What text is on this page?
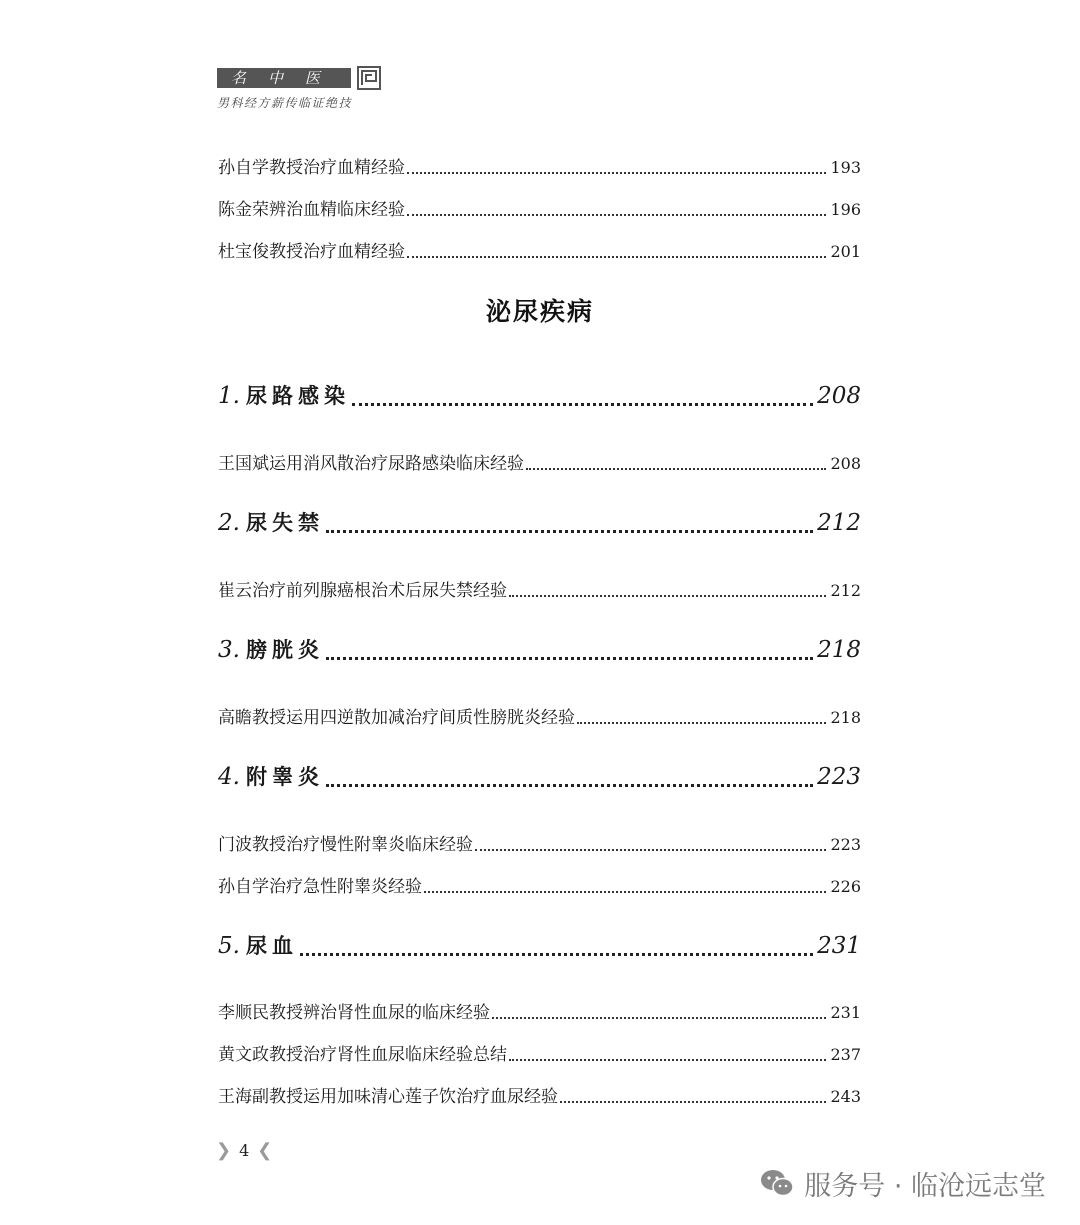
名中医
男科经方薪传临证绝技
孙自学教授治疗血精经验	193
陈金荣辨治血精临床经验	196
杜宝俊教授治疗血精经验	201
泌尿疾病
1. 尿路感染	208
王国斌运用消风散治疗尿路感染临床经验	208
2. 尿失禁	212
崔云治疗前列腺癌根治术后尿失禁经验	212
3. 膀胱炎	218
高瞻教授运用四逆散加减治疗间质性膀胱炎经验	218
4. 附睾炎	223
门波教授治疗慢性附睾炎临床经验	223
孙自学治疗急性附睾炎经验	226
5. 尿血	231
李顺民教授辨治肾性血尿的临床经验	231
黄文政教授治疗肾性血尿临床经验总结	237
王海副教授运用加味清心莲子饮治疗血尿经验	243
❯ 4 ❮
服务号 · 临沧远志堂
